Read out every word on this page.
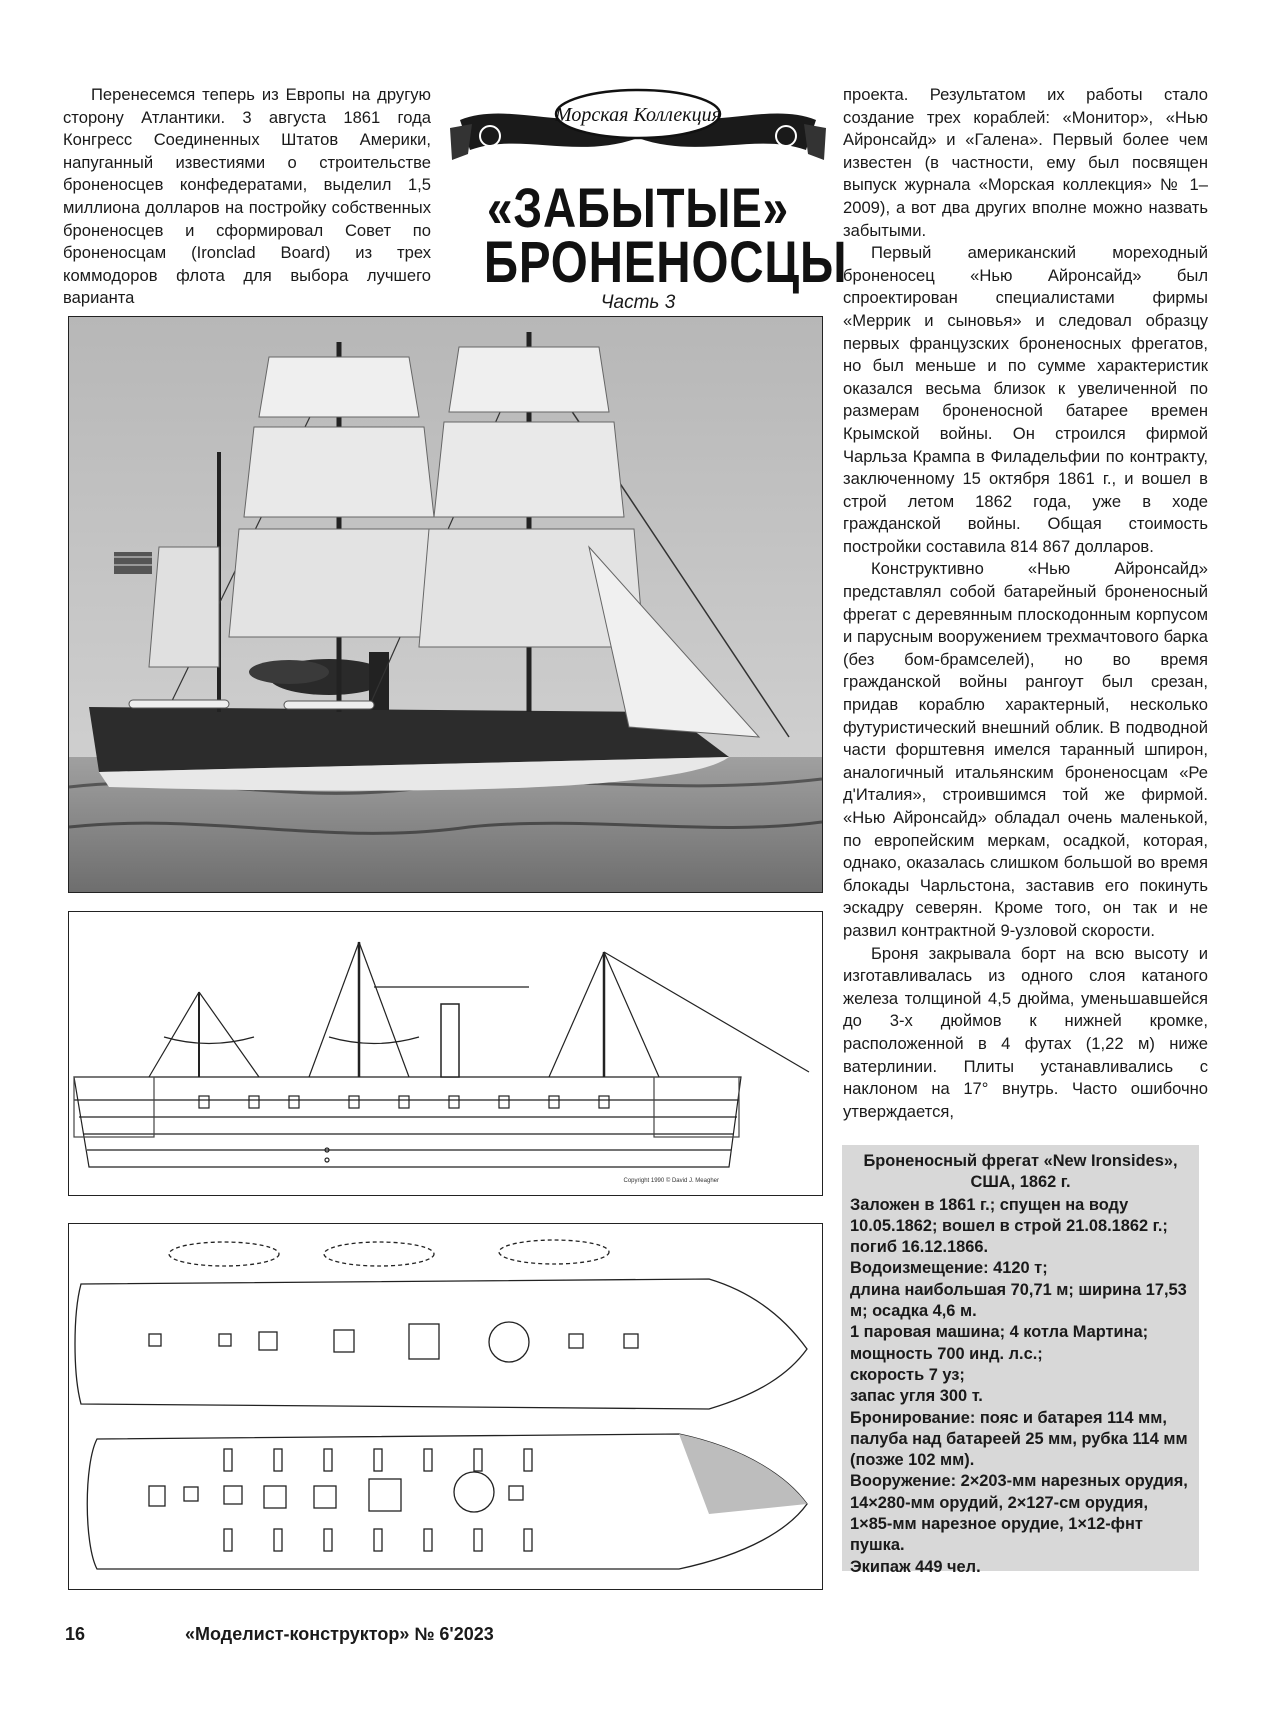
Перенесемся теперь из Европы на другую сторону Атлантики. 3 августа 1861 года Конгресс Соединенных Штатов Америки, напуганный известиями о строительстве броненосцев конфедератами, выделил 1,5 миллиона долларов на постройку собственных броненосцев и сформировал Совет по броненосцам (Ironclad Board) из трех коммодоров флота для выбора лучшего варианта

Морская Коллекция
«ЗАБЫТЫЕ»
БРОНЕНОСЦЫ
Часть 3

проекта. Результатом их работы стало создание трех кораблей: «Монитор», «Нью Айронсайд» и «Галена». Первый более чем известен (в частности, ему был посвящен выпуск журнала «Морская коллекция» № 1–2009), а вот два других вполне можно назвать забытыми.

Первый американский мореходный броненосец «Нью Айронсайд» был спроектирован специалистами фирмы «Меррик и сыновья» и следовал образцу первых французских броненосных фрегатов, но был меньше и по сумме характеристик оказался весьма близок к увеличенной по размерам броненосной батарее времен Крымской войны. Он строился фирмой Чарльза Крампа в Филадельфии по контракту, заключенному 15 октября 1861 г., и вошел в строй летом 1862 года, уже в ходе гражданской войны. Общая стоимость постройки составила 814 867 долларов.

Конструктивно «Нью Айронсайд» представлял собой батарейный броненосный фрегат с деревянным плоскодонным корпусом и парусным вооружением трехмачтового барка (без бом-брамселей), но во время гражданской войны рангоут был срезан, придав кораблю характерный, несколько футуристический внешний облик. В подводной части форштевня имелся таранный шпирон, аналогичный итальянским броненосцам «Ре д'Италия», строившимся той же фирмой. «Нью Айронсайд» обладал очень маленькой, по европейским меркам, осадкой, которая, однако, оказалась слишком большой во время блокады Чарльстона, заставив его покинуть эскадру северян. Кроме того, он так и не развил контрактной 9-узловой скорости.

Броня закрывала борт на всю высоту и изготавливалась из одного слоя катаного железа толщиной 4,5 дюйма, уменьшавшейся до 3-х дюймов к нижней кромке, расположенной в 4 футах (1,22 м) ниже ватерлинии. Плиты устанавливались с наклоном на 17° внутрь. Часто ошибочно утверждается,

Copyright 1990 © David J. Meagher

Броненосный фрегат «New Ironsides», США, 1862 г.

Заложен в 1861 г.; спущен на воду 10.05.1862; вошел в строй 21.08.1862 г.; погиб 16.12.1866.

Водоизмещение: 4120 т;

длина наибольшая 70,71 м; ширина 17,53 м; осадка 4,6 м.

1 паровая машина; 4 котла Мартина; мощность 700 инд. л.с.;

скорость 7 уз;

запас угля 300 т.

Бронирование: пояс и батарея 114 мм, палуба над батареей 25 мм, рубка 114 мм (позже 102 мм).

Вооружение: 2×203-мм нарезных орудия, 14×280-мм орудий, 2×127-см орудия, 1×85-мм нарезное орудие, 1×12-фнт пушка.

Экипаж 449 чел.

16	«Моделист-конструктор» № 6'2023
